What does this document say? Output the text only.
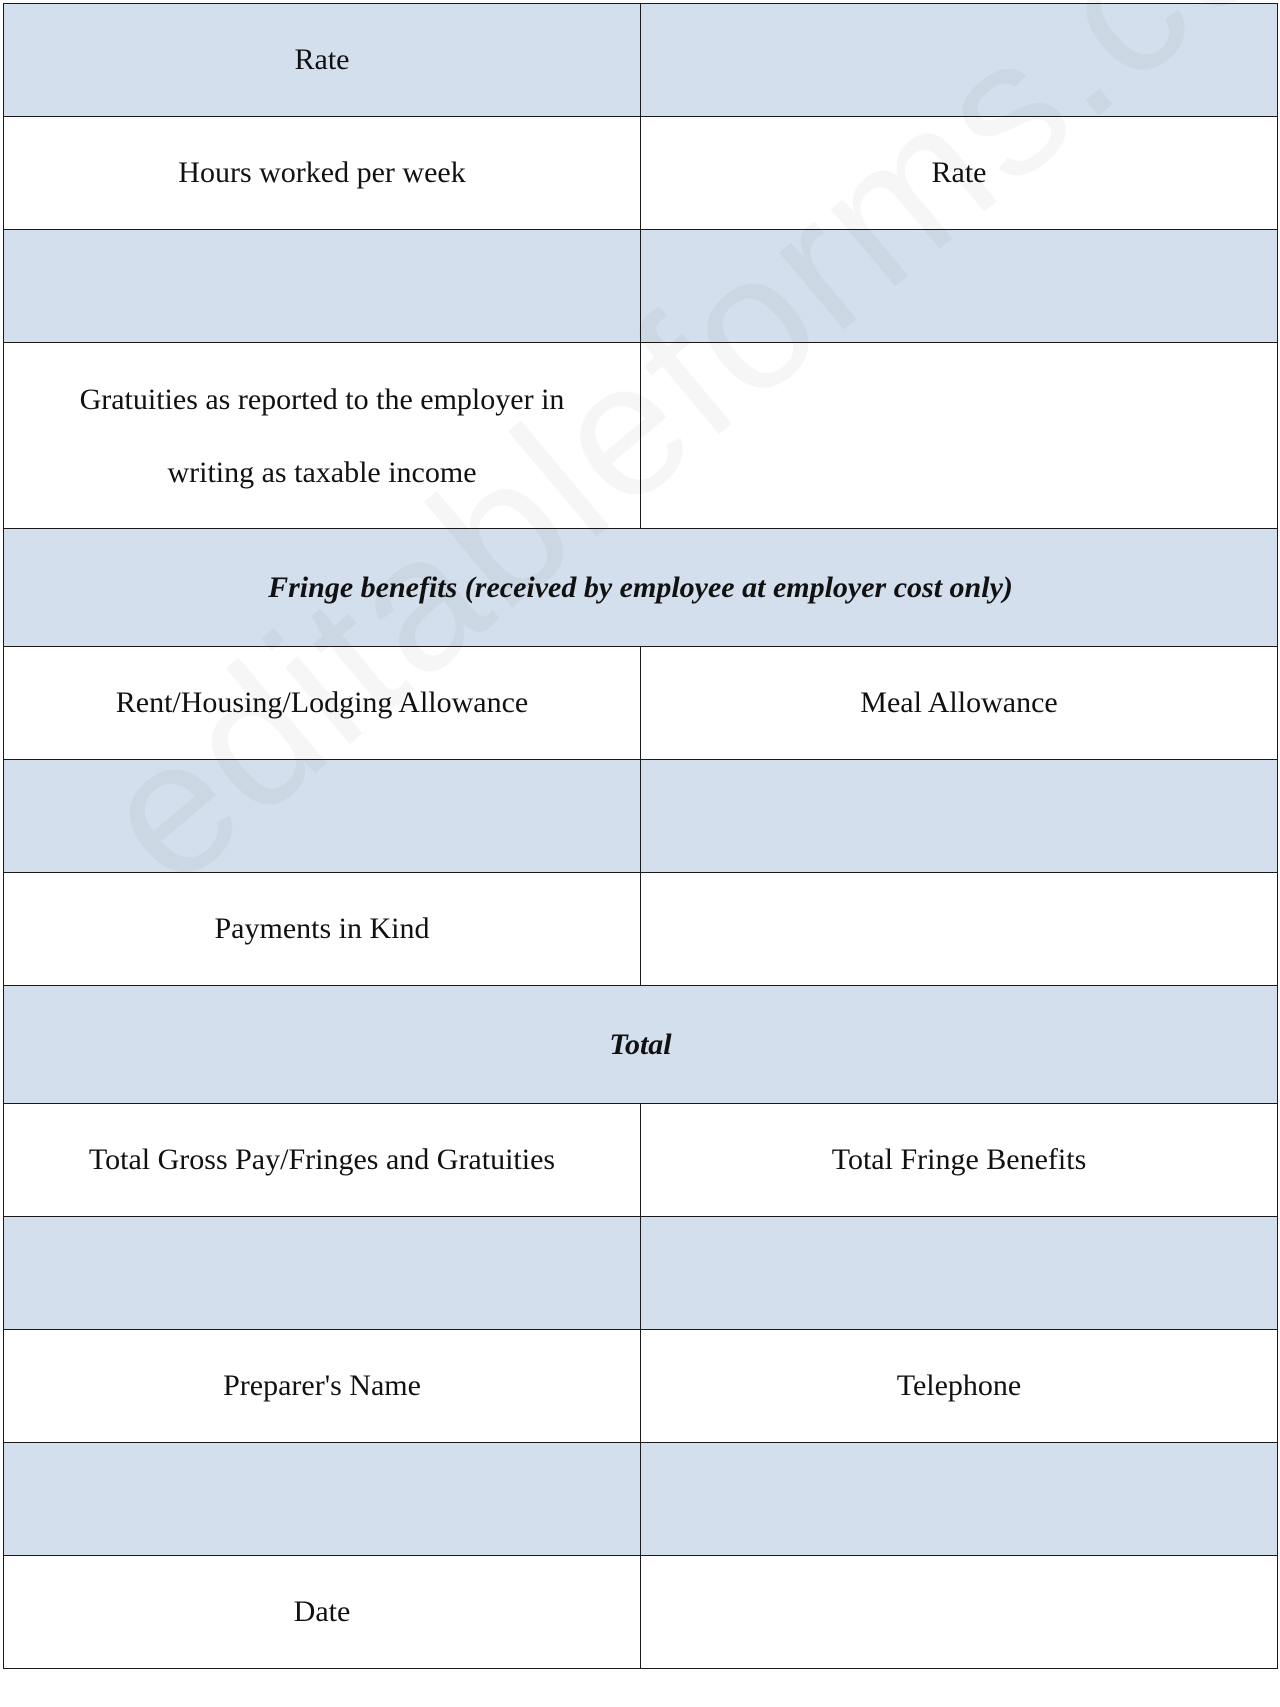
Rate	
Hours worked per week	Rate

Gratuities as reported to the employer in
writing as taxable income	
Fringe benefits (received by employee at employer cost only)	
Rent/Housing/Lodging Allowance	Meal Allowance

Payments in Kind	
Total	
Total Gross Pay/Fringes and Gratuities	Total Fringe Benefits

Preparer's Name	Telephone

Date	
